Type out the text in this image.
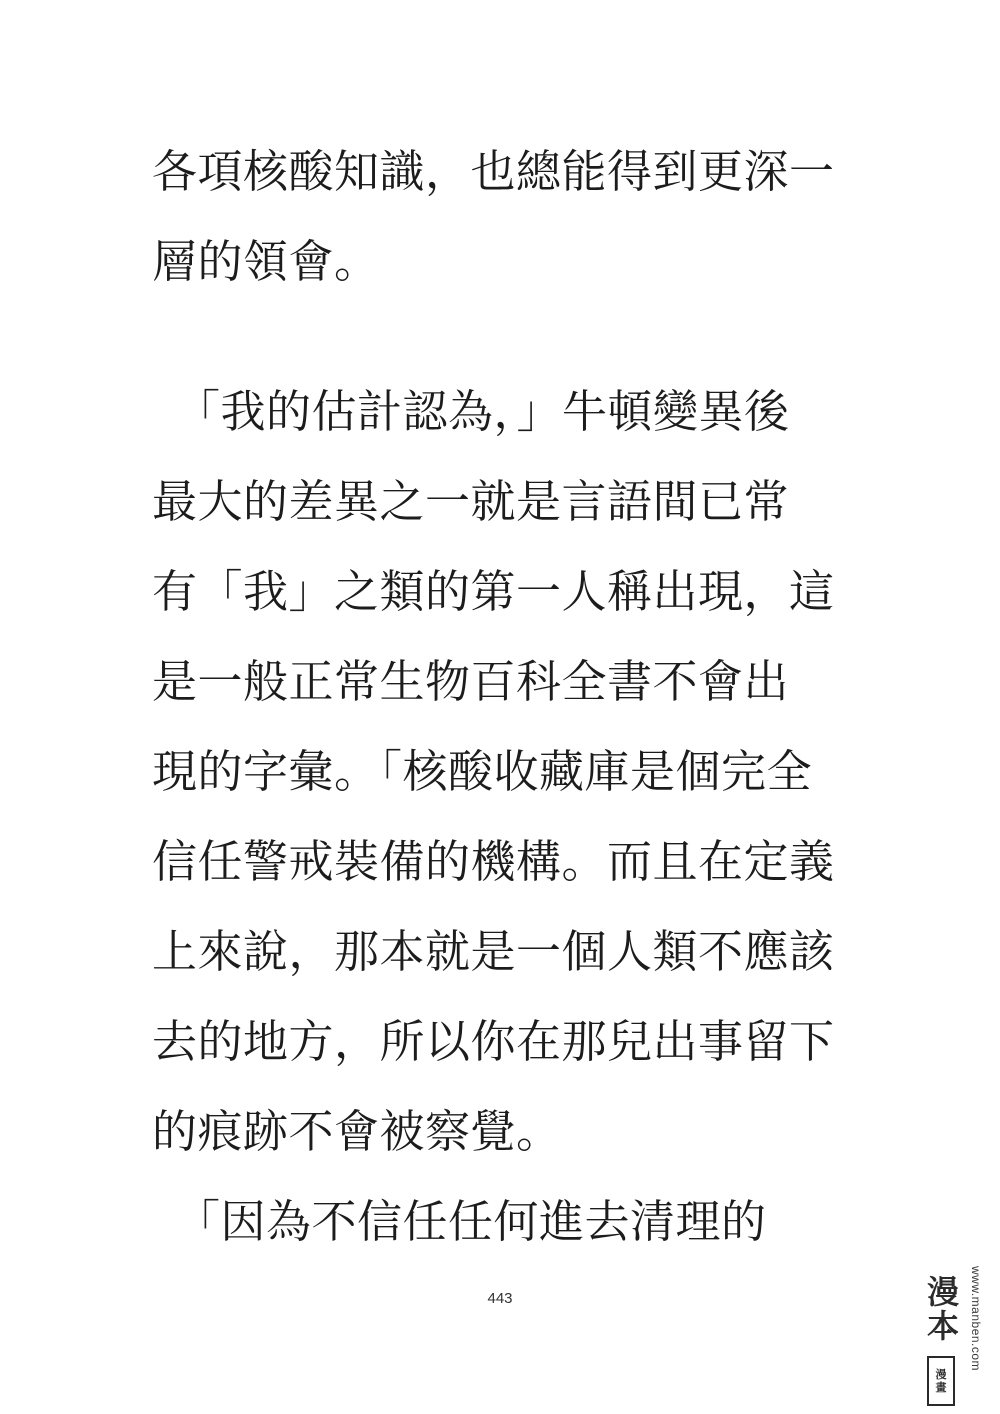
各項核酸知識，也總能得到更深一
層的領會。
　「我的估計認為，」牛頓變異後
最大的差異之一就是言語間已常
有「我」之類的第一人稱出現，這
是一般正常生物百科全書不會出
現的字彙。「核酸收藏庫是個完全
信任警戒裝備的機構。而且在定義
上來說，那本就是一個人類不應該
去的地方，所以你在那兒出事留下
的痕跡不會被察覺。
　「因為不信任任何進去清理的
443	漫本 www.manben.com
漫
畫
